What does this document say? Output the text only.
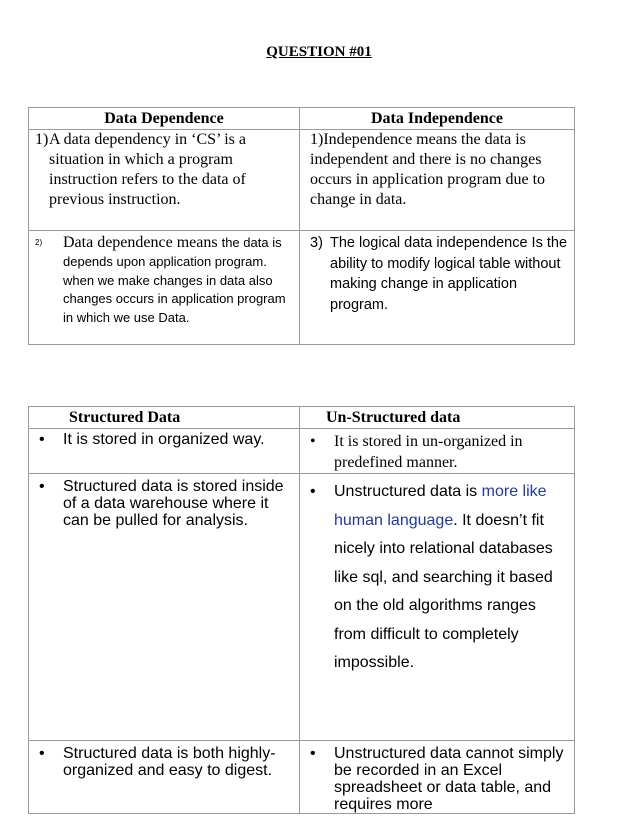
QUESTION #01
Data Dependence	Data Independence

1) A data dependency in ‘CS’ is a situation in which a program instruction refers to the data of previous instruction.	1)Independence means the data is independent and there is no changes occurs in application program due to change in data.

2) Data dependence means the data is depends upon application program. when we make changes in data also changes occurs in application program in which we use Data.	3) The logical data independence Is the ability to modify logical table without making change in application program.
Structured Data	Un-Structured data

• It is stored in organized way.	• It is stored in un-organized in predefined manner.

• Structured data is stored inside of a data warehouse where it can be pulled for analysis.	• Unstructured data is more like human language. It doesn’t fit nicely into relational databases like sql, and searching it based on the old algorithms ranges from difficult to completely impossible.

• Structured data is both highly-organized and easy to digest.	• Unstructured data cannot simply be recorded in an Excel spreadsheet or data table, and requires more
